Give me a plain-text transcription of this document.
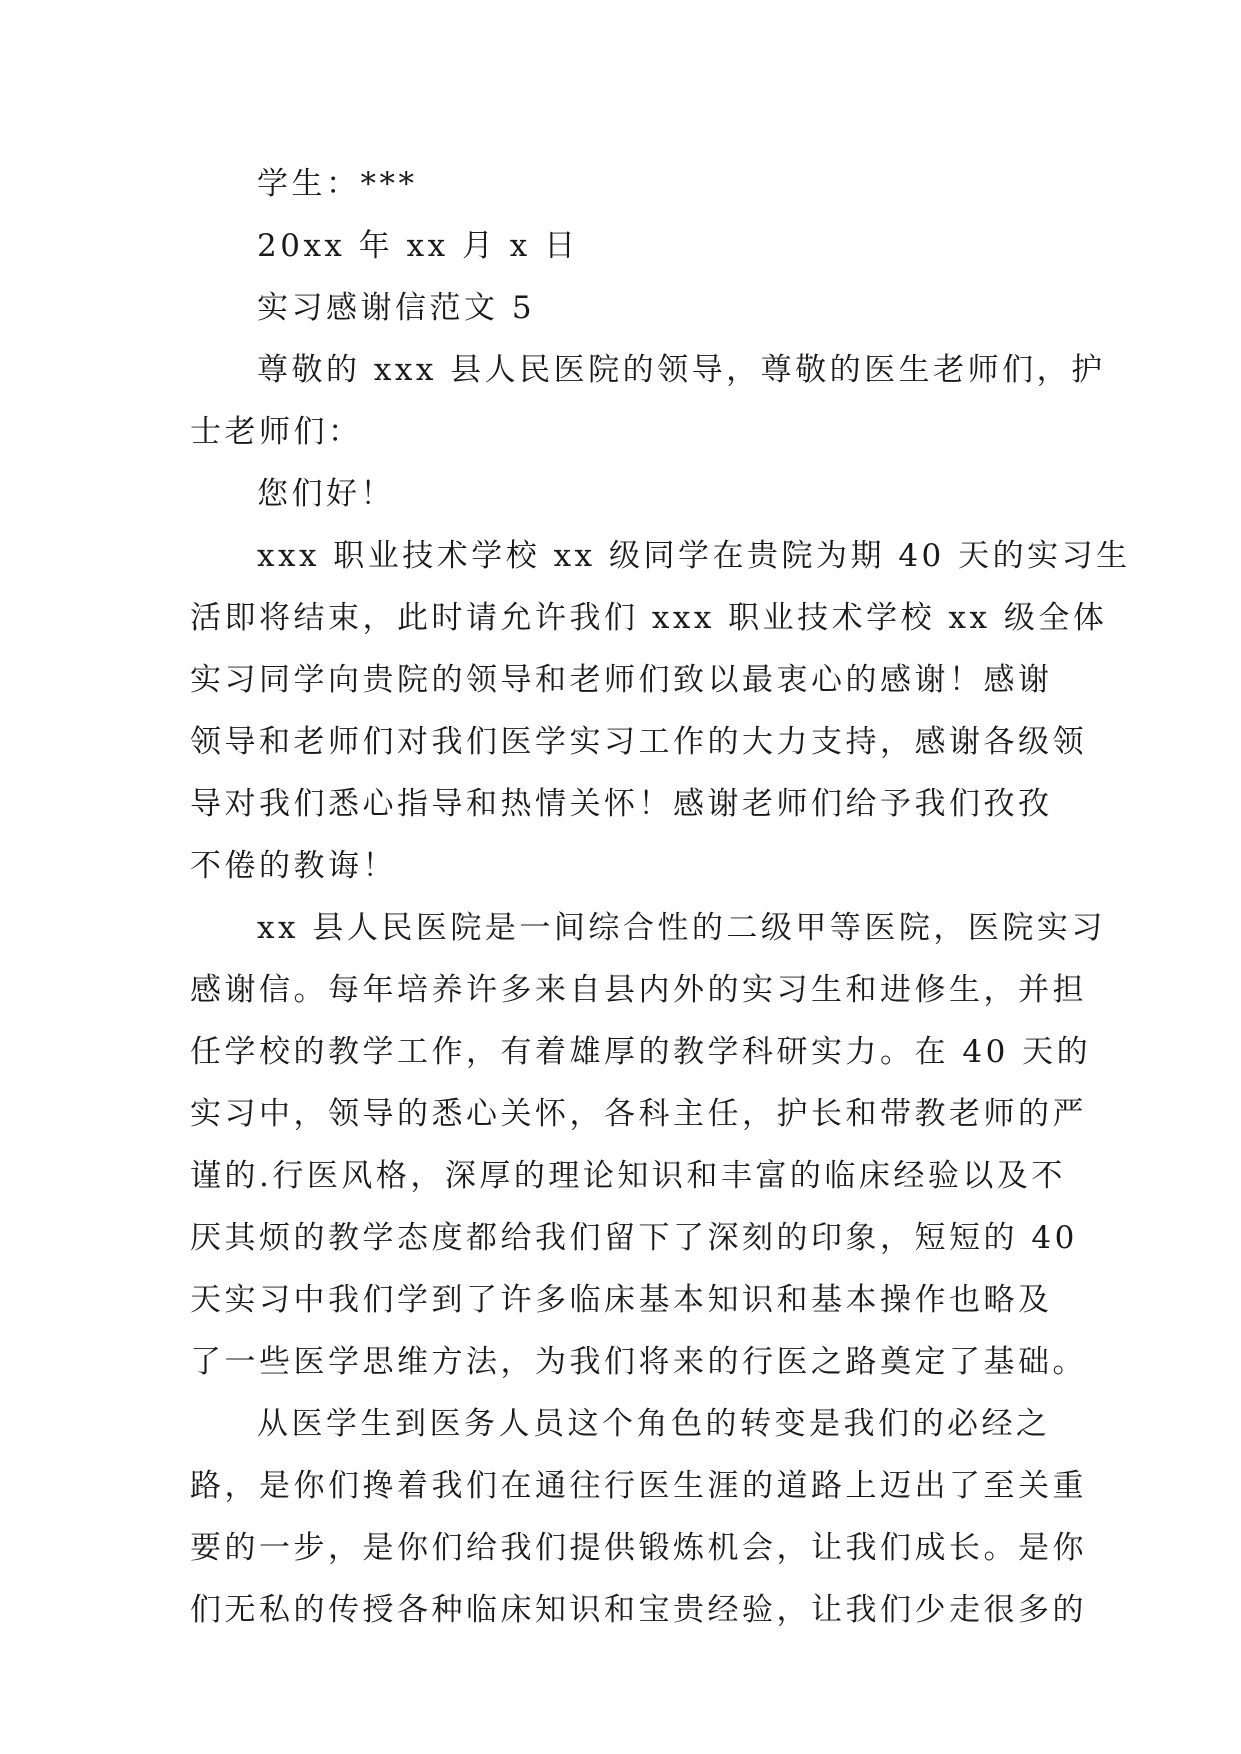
学生：***
20xx 年 xx 月 x 日
实习感谢信范文 5
尊敬的 xxx 县人民医院的领导，尊敬的医生老师们，护
士老师们：
您们好！
xxx 职业技术学校 xx 级同学在贵院为期 40 天的实习生
活即将结束，此时请允许我们 xxx 职业技术学校 xx 级全体
实习同学向贵院的领导和老师们致以最衷心的感谢！感谢
领导和老师们对我们医学实习工作的大力支持，感谢各级领
导对我们悉心指导和热情关怀！感谢老师们给予我们孜孜
不倦的教诲！
xx 县人民医院是一间综合性的二级甲等医院，医院实习
感谢信。每年培养许多来自县内外的实习生和进修生，并担
任学校的教学工作，有着雄厚的教学科研实力。在 40 天的
实习中，领导的悉心关怀，各科主任，护长和带教老师的严
谨的.行医风格，深厚的理论知识和丰富的临床经验以及不
厌其烦的教学态度都给我们留下了深刻的印象，短短的 40
天实习中我们学到了许多临床基本知识和基本操作也略及
了一些医学思维方法，为我们将来的行医之路奠定了基础。
从医学生到医务人员这个角色的转变是我们的必经之
路，是你们搀着我们在通往行医生涯的道路上迈出了至关重
要的一步，是你们给我们提供锻炼机会，让我们成长。是你
们无私的传授各种临床知识和宝贵经验，让我们少走很多的
